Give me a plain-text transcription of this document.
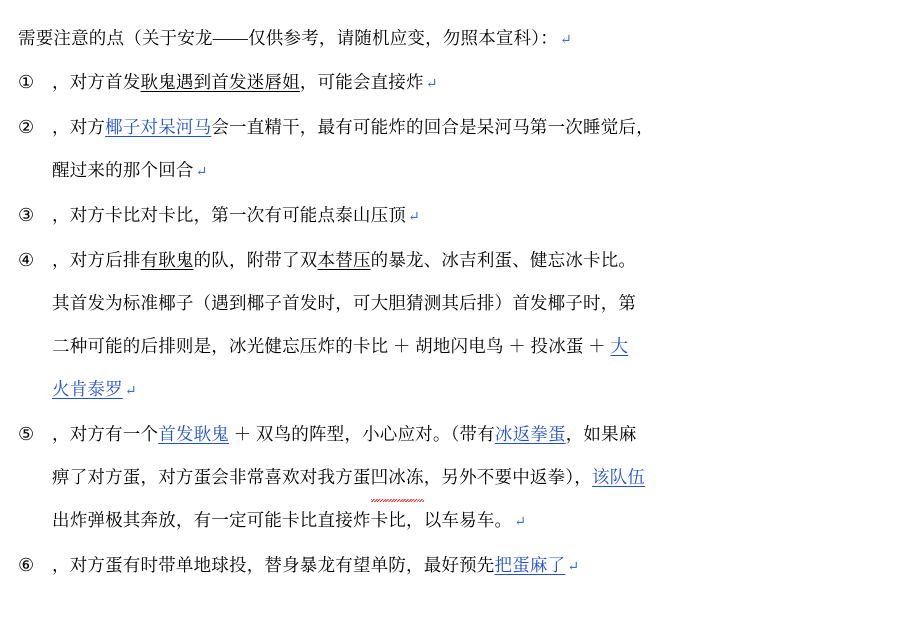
需要注意的点（关于安龙——仅供参考，请随机应变，勿照本宣科）： ↵
① ，对方首发耿鬼遇到首发迷唇姐，可能会直接炸 ↵
② ，对方椰子对呆河马会一直精干，最有可能炸的回合是呆河马第一次睡觉后，
醒过来的那个回合 ↵
③ ，对方卡比对卡比，第一次有可能点泰山压顶 ↵
④ ，对方后排有耿鬼的队，附带了双本替压的暴龙、冰吉利蛋、健忘冰卡比。
其首发为标准椰子（遇到椰子首发时，可大胆猜测其后排）首发椰子时，第
二种可能的后排则是，冰光健忘压炸的卡比 ＋ 胡地闪电鸟 ＋ 投冰蛋 ＋ 大
火肯泰罗 ↵
⑤ ，对方有一个首发耿鬼 ＋ 双鸟的阵型，小心应对。（带有冰返拳蛋，如果麻
痹了对方蛋，对方蛋会非常喜欢对我方蛋凹冰冻，另外不要中返拳），该队伍
出炸弹极其奔放，有一定可能卡比直接炸卡比，以车易车。 ↵
⑥ ，对方蛋有时带单地球投，替身暴龙有望单防，最好预先把蛋麻了 ↵
